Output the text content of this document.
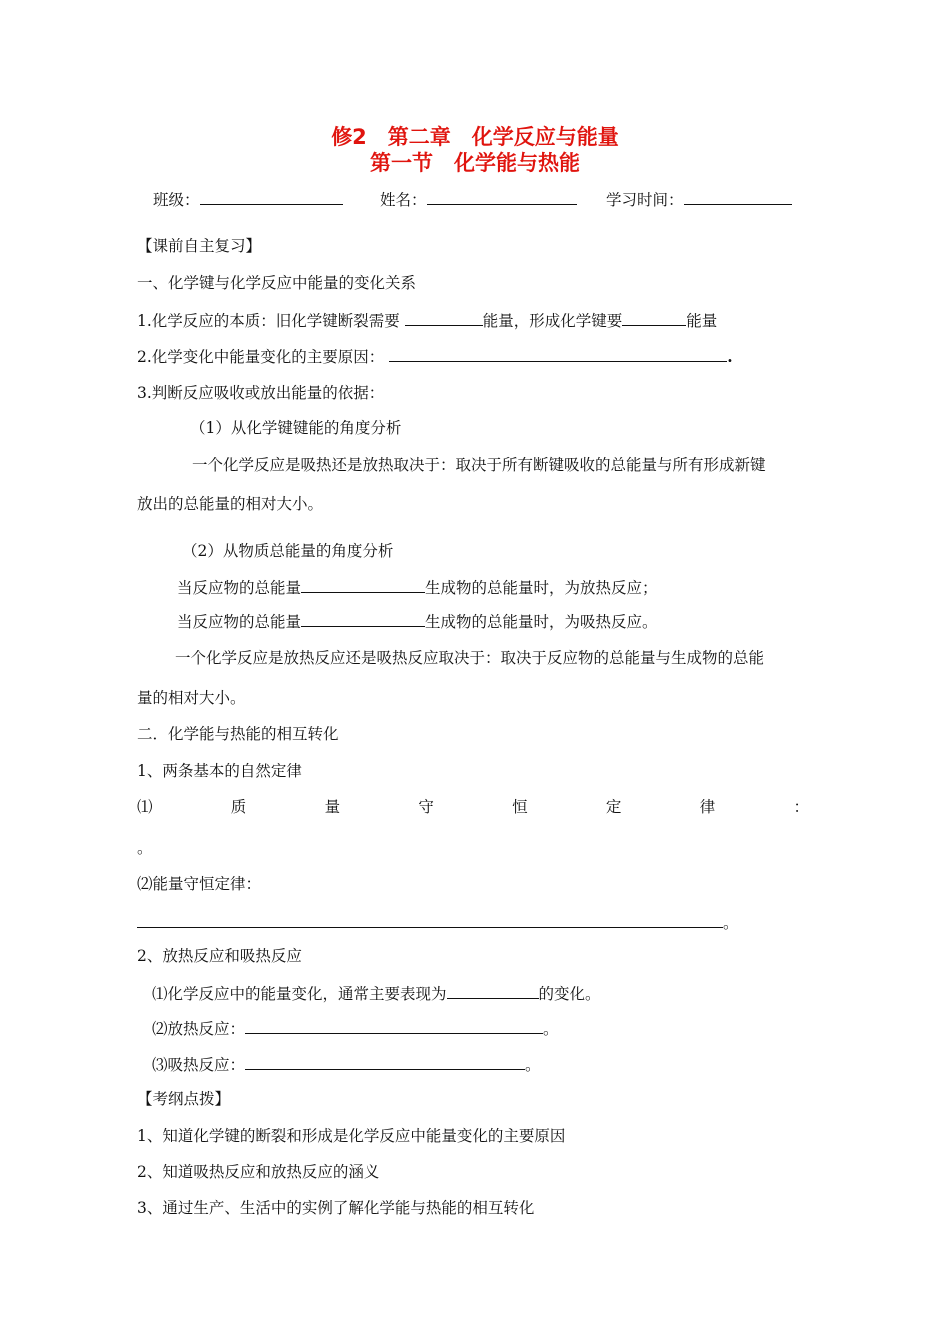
修2　第二章　化学反应与能量
第一节　化学能与热能
班级：	姓名：	学习时间：
【课前自主复习】
一、化学键与化学反应中能量的变化关系
1.化学反应的本质：旧化学键断裂需要	能量，形成化学键要	能量
2.化学变化中能量变化的主要原因：	.
3.判断反应吸收或放出能量的依据：
（1）从化学键键能的角度分析
一个化学反应是吸热还是放热取决于：取决于所有断键吸收的总能量与所有形成新键
放出的总能量的相对大小。
（2）从物质总能量的角度分析
当反应物的总能量	生成物的总能量时，为放热反应；
当反应物的总能量	生成物的总能量时，为吸热反应。
一个化学反应是放热反应还是吸热反应取决于：取决于反应物的总能量与生成物的总能
量的相对大小。
二．化学能与热能的相互转化
1、两条基本的自然定律
⑴	质	量	守	恒	定	律	：
。
⑵能量守恒定律：
。
2、放热反应和吸热反应
⑴化学反应中的能量变化，通常主要表现为	的变化。
⑵放热反应：	。
⑶吸热反应：	。
【考纲点拨】
1、知道化学键的断裂和形成是化学反应中能量变化的主要原因
2、知道吸热反应和放热反应的涵义
3、通过生产、生活中的实例了解化学能与热能的相互转化
